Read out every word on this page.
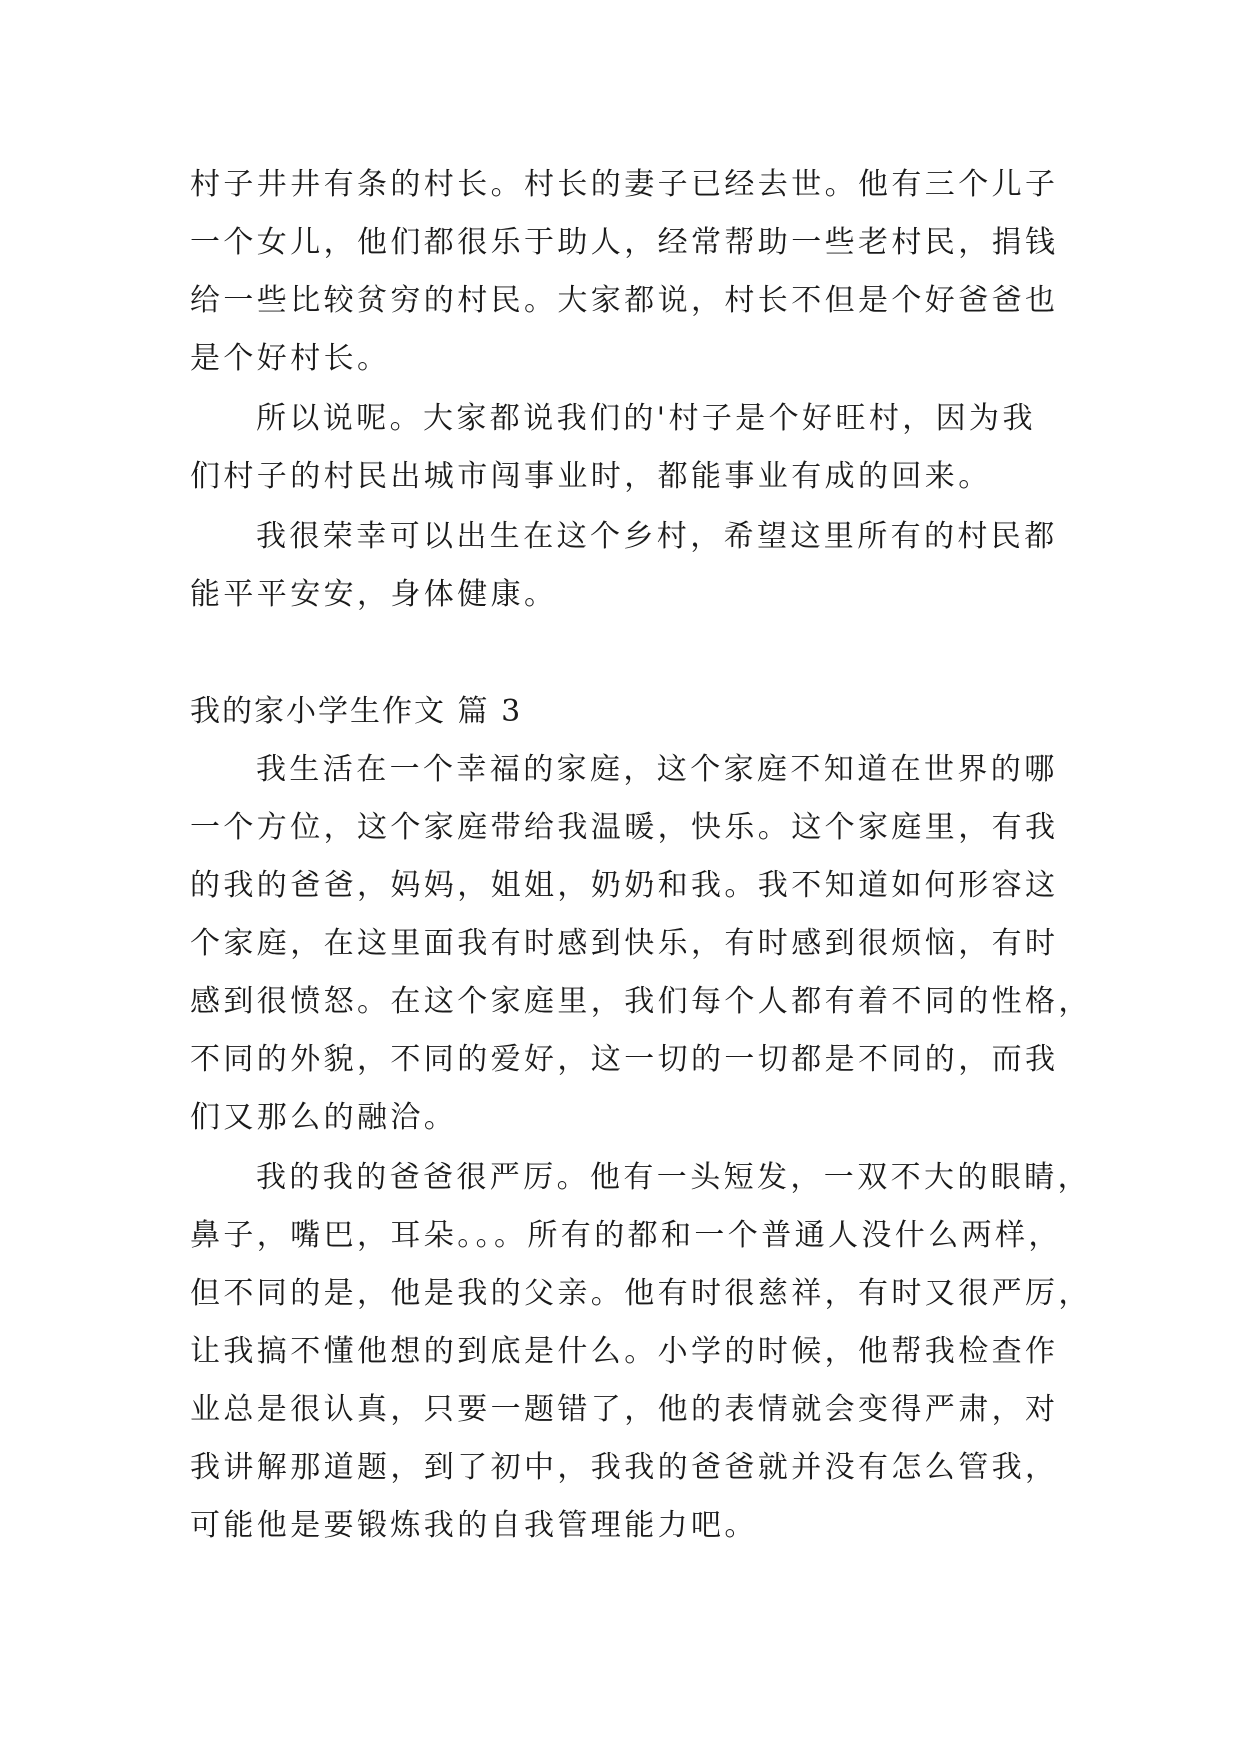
村子井井有条的村长。村长的妻子已经去世。他有三个儿子
一个女儿，他们都很乐于助人，经常帮助一些老村民，捐钱
给一些比较贫穷的村民。大家都说，村长不但是个好爸爸也
是个好村长。
所以说呢。大家都说我们的'村子是个好旺村，因为我
们村子的村民出城市闯事业时，都能事业有成的回来。
我很荣幸可以出生在这个乡村，希望这里所有的村民都
能平平安安，身体健康。
我的家小学生作文 篇 3
我生活在一个幸福的家庭，这个家庭不知道在世界的哪
一个方位，这个家庭带给我温暖，快乐。这个家庭里，有我
的我的爸爸，妈妈，姐姐，奶奶和我。我不知道如何形容这
个家庭，在这里面我有时感到快乐，有时感到很烦恼，有时
感到很愤怒。在这个家庭里，我们每个人都有着不同的性格，
不同的外貌，不同的爱好，这一切的一切都是不同的，而我
们又那么的融洽。
我的我的爸爸很严厉。他有一头短发，一双不大的眼睛，
鼻子，嘴巴，耳朵。。。所有的都和一个普通人没什么两样，
但不同的是，他是我的父亲。他有时很慈祥，有时又很严厉，
让我搞不懂他想的到底是什么。小学的时候，他帮我检查作
业总是很认真，只要一题错了，他的表情就会变得严肃，对
我讲解那道题，到了初中，我我的爸爸就并没有怎么管我，
可能他是要锻炼我的自我管理能力吧。
